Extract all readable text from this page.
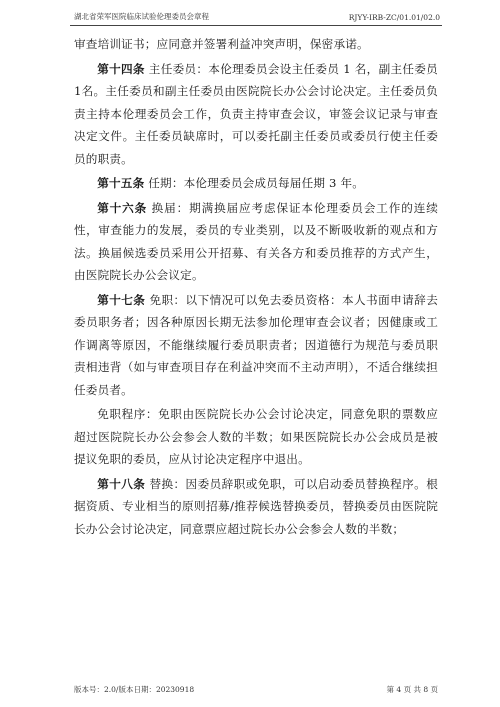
湖北省荣军医院临床试验伦理委员会章程	RJYY-IRB-ZC/01.01/02.0

审查培训证书；应同意并签署利益冲突声明，保密承诺。

第十四条 主任委员：本伦理委员会设主任委员 1 名，副主任委员 1名。主任委员和副主任委员由医院院长办公会讨论决定。主任委员负责主持本伦理委员会工作，负责主持审查会议，审签会议记录与审查决定文件。主任委员缺席时，可以委托副主任委员或委员行使主任委员的职责。

第十五条 任期：本伦理委员会成员每届任期 3 年。

第十六条 换届：期满换届应考虑保证本伦理委员会工作的连续性，审查能力的发展，委员的专业类别，以及不断吸收新的观点和方法。换届候选委员采用公开招募、有关各方和委员推荐的方式产生，由医院院长办公会议定。

第十七条 免职：以下情况可以免去委员资格：本人书面申请辞去委员职务者；因各种原因长期无法参加伦理审查会议者；因健康或工作调离等原因，不能继续履行委员职责者；因道德行为规范与委员职责相违背（如与审查项目存在利益冲突而不主动声明），不适合继续担任委员者。

免职程序：免职由医院院长办公会讨论决定，同意免职的票数应超过医院院长办公会参会人数的半数；如果医院院长办公会成员是被提议免职的委员，应从讨论决定程序中退出。

第十八条 替换：因委员辞职或免职，可以启动委员替换程序。根据资质、专业相当的原则招募/推荐候选替换委员，替换委员由医院院长办公会讨论决定，同意票应超过院长办公会参会人数的半数；

版本号：2.0/版本日期：20230918	第 4 页 共 8 页
